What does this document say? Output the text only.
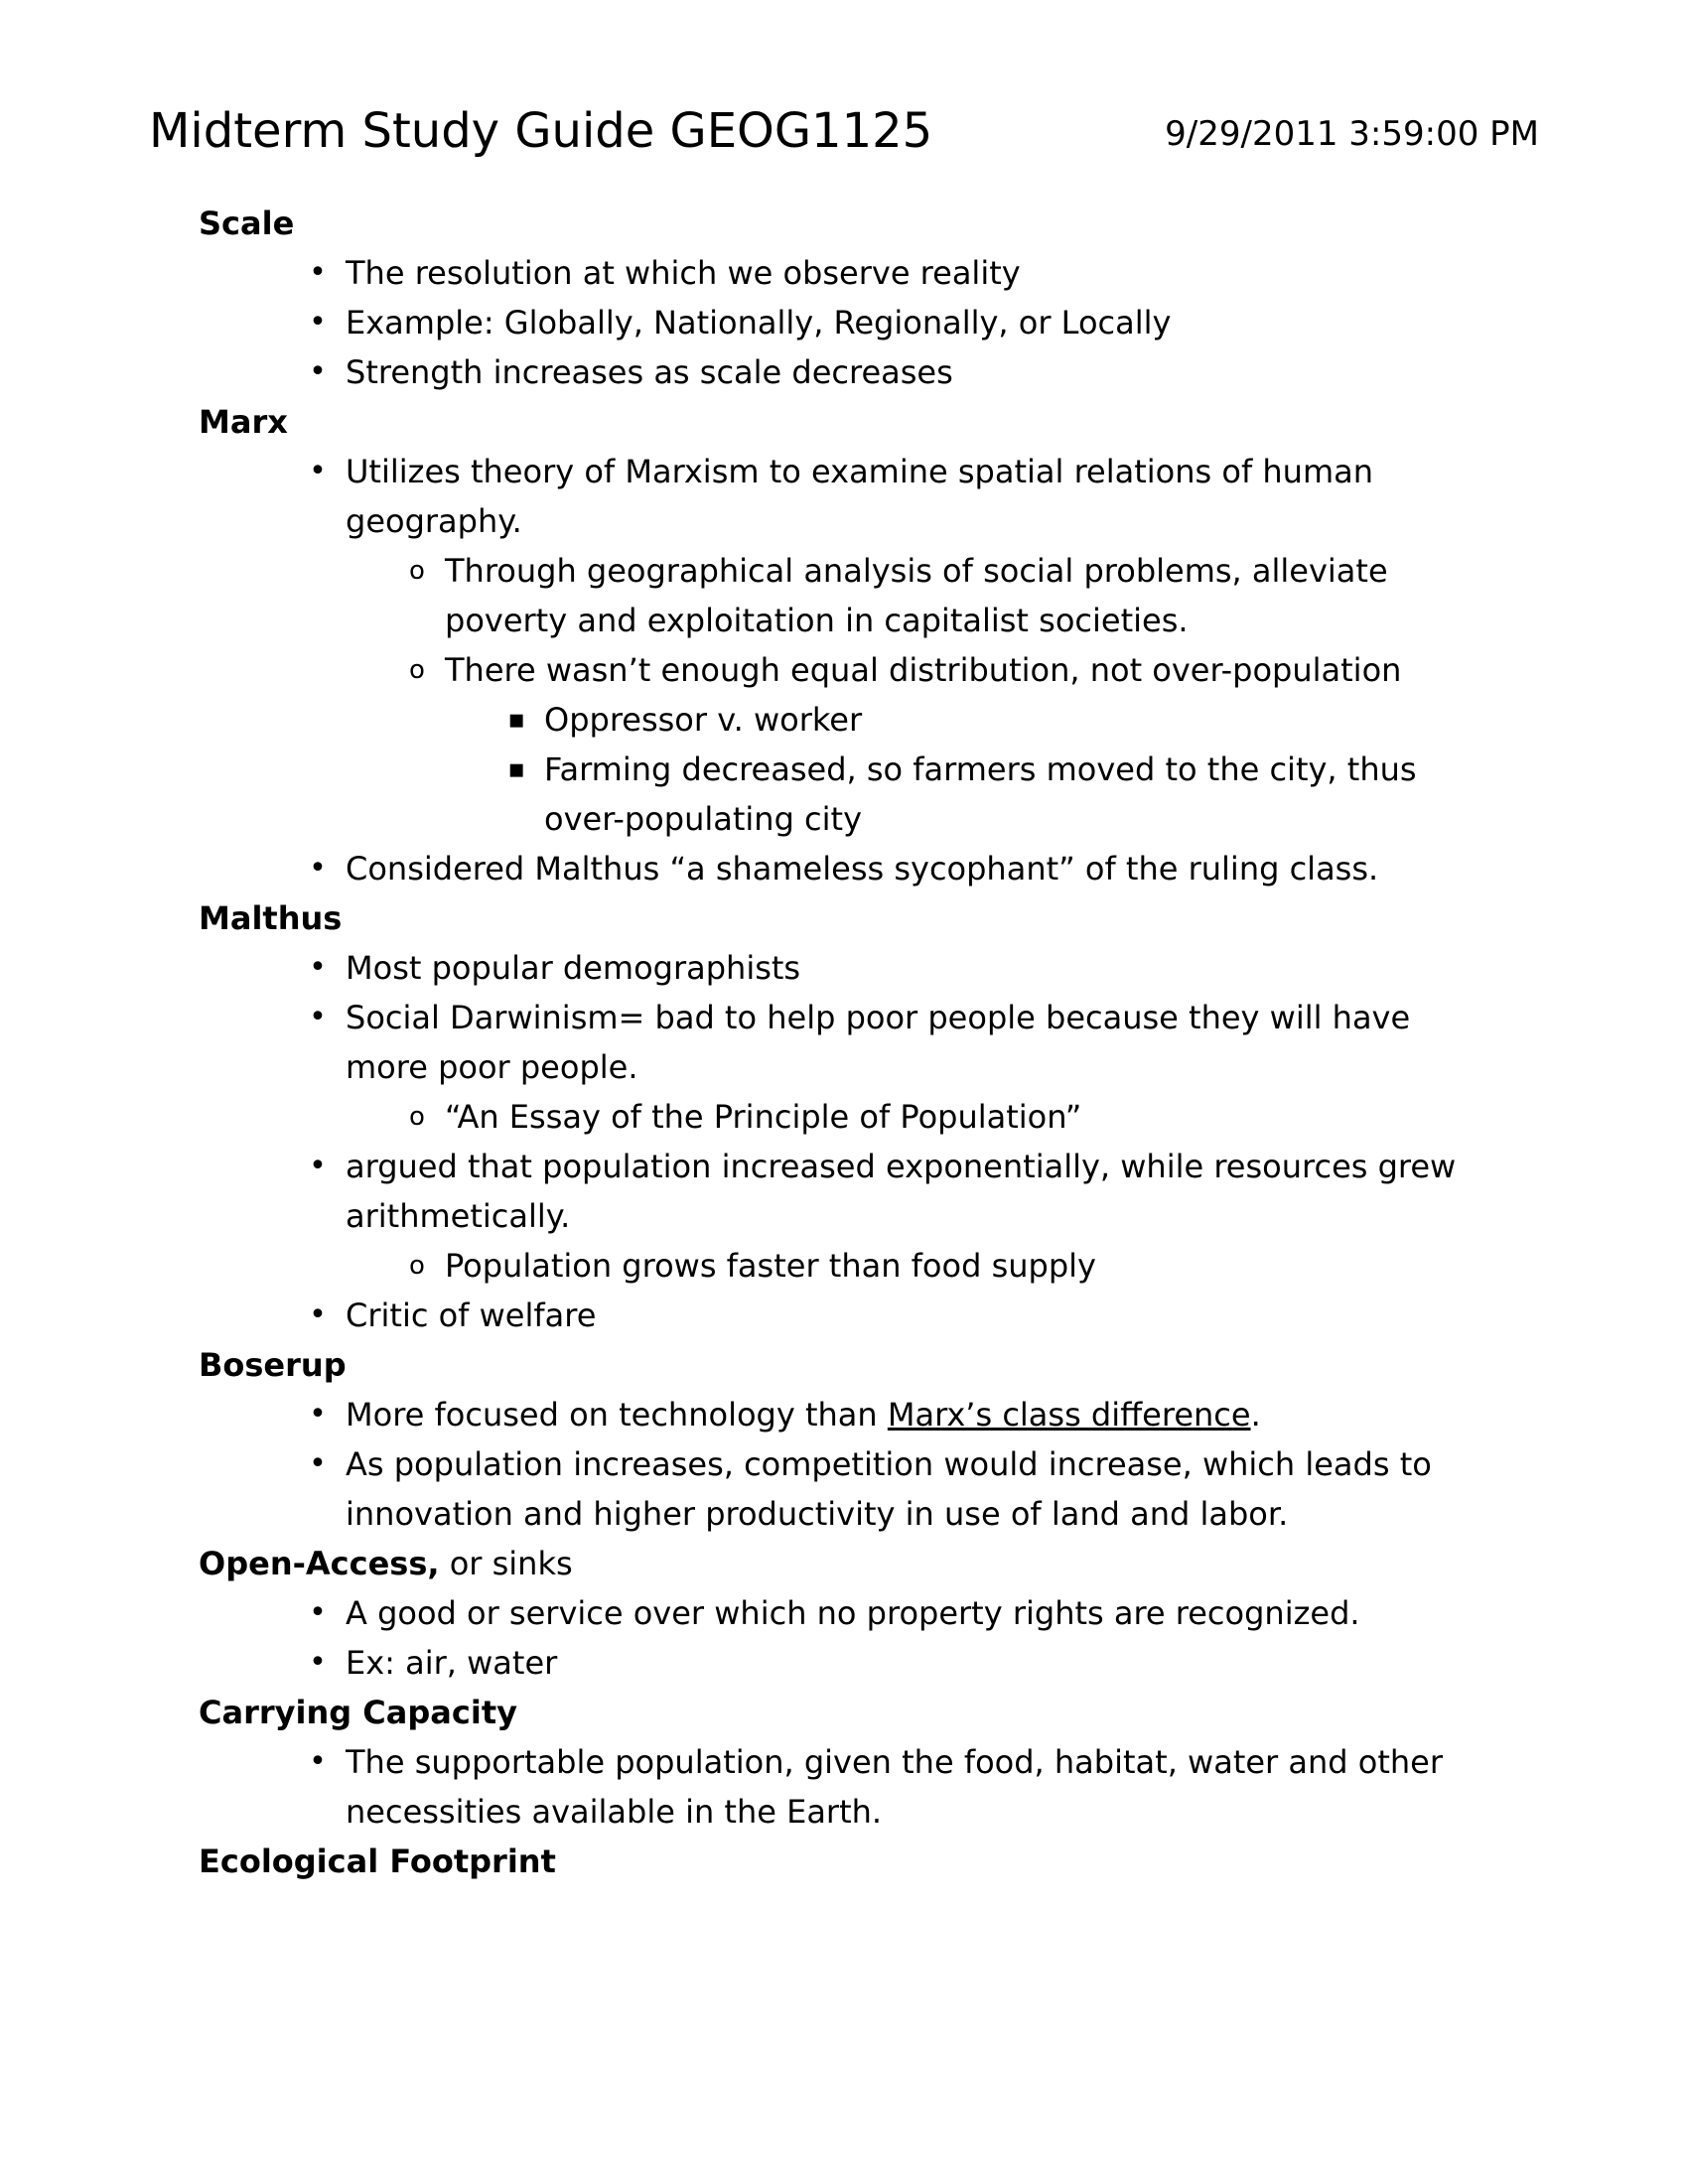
Midterm Study Guide GEOG1125	9/29/2011 3:59:00 PM
Scale
• The resolution at which we observe reality
• Example: Globally, Nationally, Regionally, or Locally
• Strength increases as scale decreases
Marx
• Utilizes theory of Marxism to examine spatial relations of human geography.
o Through geographical analysis of social problems, alleviate poverty and exploitation in capitalist societies.
o There wasn’t enough equal distribution, not over-population
▪ Oppressor v. worker
▪ Farming decreased, so farmers moved to the city, thus over-populating city
• Considered Malthus “a shameless sycophant” of the ruling class.
Malthus
• Most popular demographists
• Social Darwinism= bad to help poor people because they will have more poor people.
o “An Essay of the Principle of Population”
• argued that population increased exponentially, while resources grew arithmetically.
o Population grows faster than food supply
• Critic of welfare
Boserup
• More focused on technology than Marx’s class difference.
• As population increases, competition would increase, which leads to innovation and higher productivity in use of land and labor.
Open-Access, or sinks
• A good or service over which no property rights are recognized.
• Ex: air, water
Carrying Capacity
• The supportable population, given the food, habitat, water and other necessities available in the Earth.
Ecological Footprint
